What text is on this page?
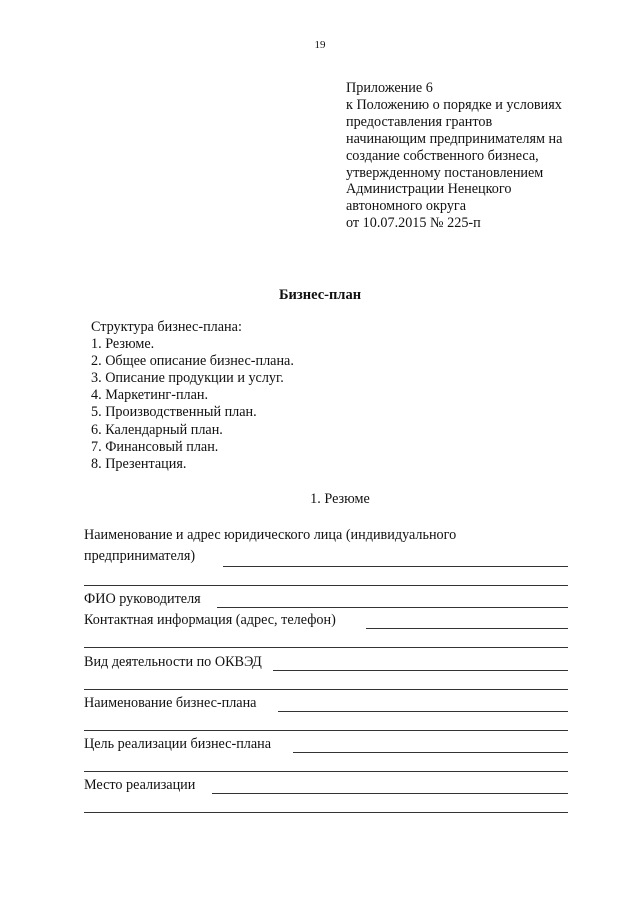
19
Приложение 6
к Положению о порядке и условиях
предоставления грантов
начинающим предпринимателям на
создание собственного бизнеса,
утвержденному постановлением
Администрации Ненецкого
автономного округа
от 10.07.2015 № 225-п
Бизнес-план
Структура бизнес-плана:
1. Резюме.
2. Общее описание бизнес-плана.
3. Описание продукции и услуг.
4. Маркетинг-план.
5. Производственный план.
6. Календарный план.
7. Финансовый план.
8. Презентация.
1. Резюме
Наименование и адрес юридического лица (индивидуального
предпринимателя)
ФИО руководителя
Контактная информация (адрес, телефон)
Вид деятельности по ОКВЭД
Наименование бизнес-плана
Цель реализации бизнес-плана
Место реализации
